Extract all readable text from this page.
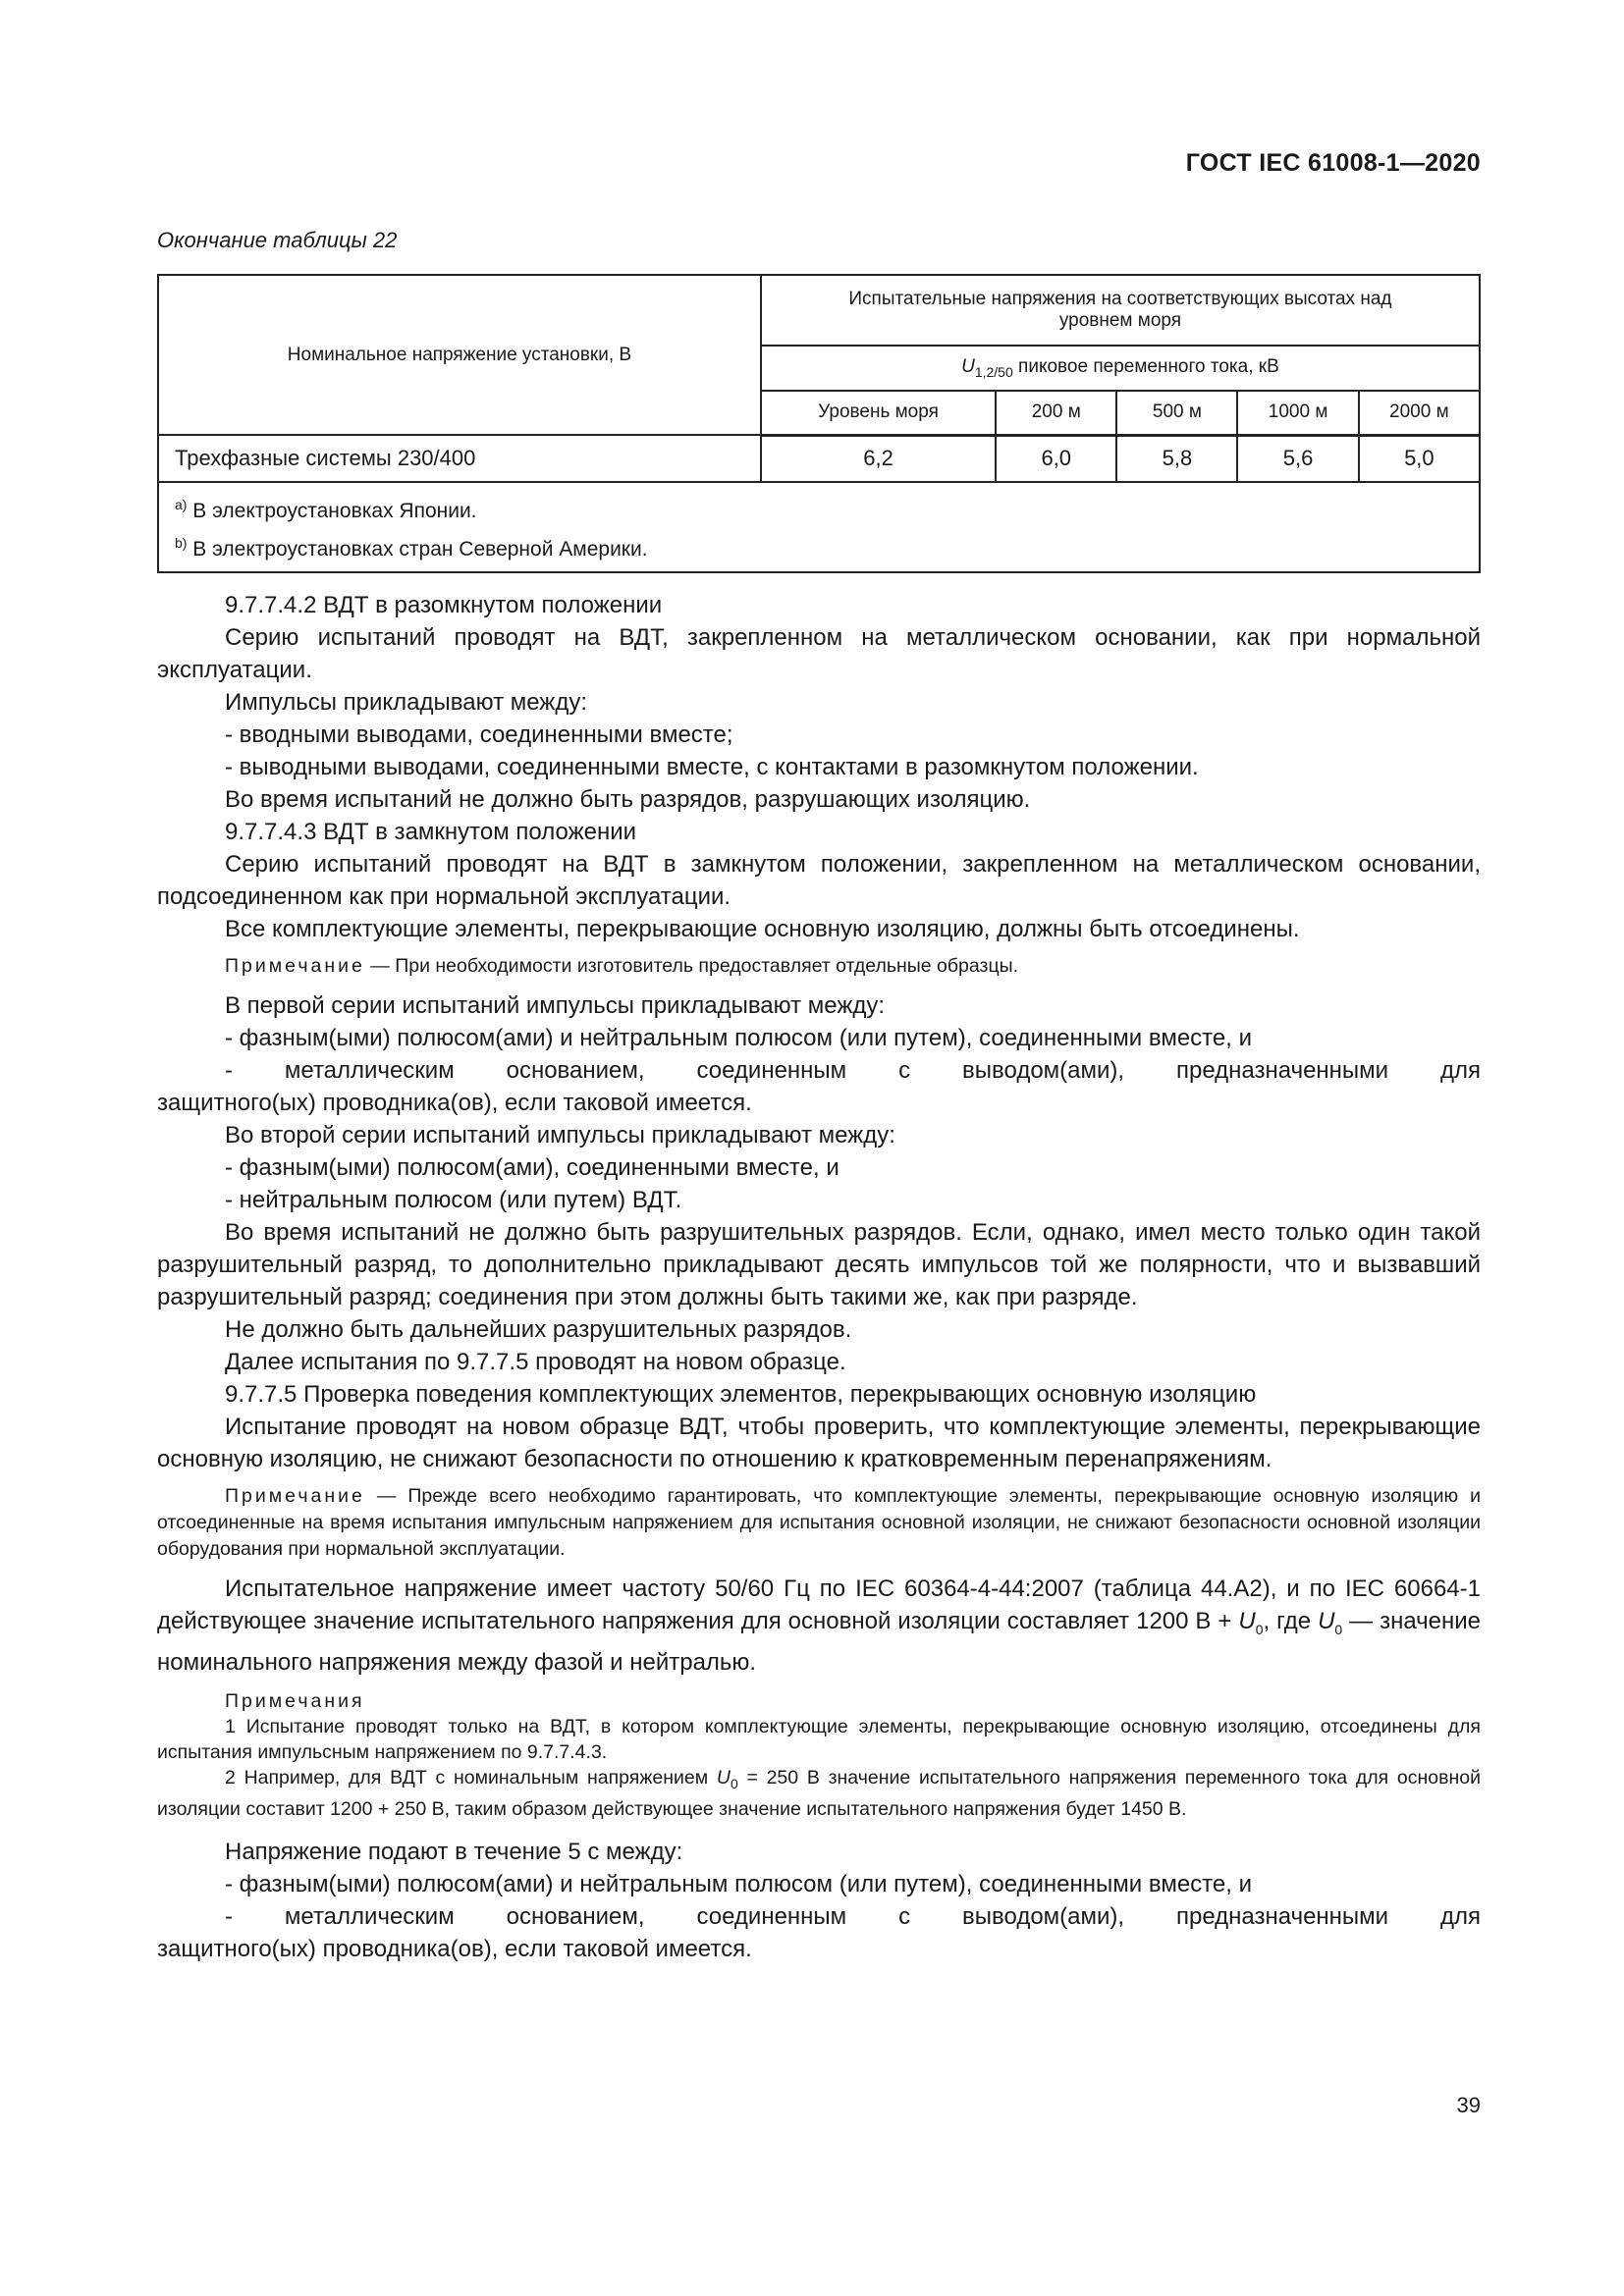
ГОСТ IEC 61008-1—2020
Окончание таблицы 22
Номинальное напряжение установки, В	Испытательные напряжения на соответствующих высотах над уровнем моря				
	$U_{1,2/50}$ пиковое переменного тока, кВ				
	Уровень моря	200 м	500 м	1000 м	2000 м
Трехфазные системы 230/400	6,2	6,0	5,8	5,6	5,0

$^{a)}$ В электроустановках Японии.
$^{b)}$ В электроустановках стран Северной Америки.					

9.7.7.4.2 ВДТ в разомкнутом положении

Серию испытаний проводят на ВДТ, закрепленном на металлическом основании, как при нормальной эксплуатации.

Импульсы прикладывают между:

- вводными выводами, соединенными вместе;

- выводными выводами, соединенными вместе, с контактами в разомкнутом положении.

Во время испытаний не должно быть разрядов, разрушающих изоляцию.

9.7.7.4.3 ВДТ в замкнутом положении

Серию испытаний проводят на ВДТ в замкнутом положении, закрепленном на металлическом основании, подсоединенном как при нормальной эксплуатации.

Все комплектующие элементы, перекрывающие основную изоляцию, должны быть отсоединены.

Примечание — При необходимости изготовитель предоставляет отдельные образцы.

В первой серии испытаний импульсы прикладывают между:

- фазным(ыми) полюсом(ами) и нейтральным полюсом (или путем), соединенными вместе, и

- металлическим основанием, соединенным с выводом(ами), предназначенными для

защитного(ых) проводника(ов), если таковой имеется.

Во второй серии испытаний импульсы прикладывают между:

- фазным(ыми) полюсом(ами), соединенными вместе, и

- нейтральным полюсом (или путем) ВДТ.

Во время испытаний не должно быть разрушительных разрядов. Если, однако, имел место только один такой разрушительный разряд, то дополнительно прикладывают десять импульсов той же полярности, что и вызвавший разрушительный разряд; соединения при этом должны быть такими же, как при разряде.

Не должно быть дальнейших разрушительных разрядов.

Далее испытания по 9.7.7.5 проводят на новом образце.

9.7.7.5 Проверка поведения комплектующих элементов, перекрывающих основную изоляцию

Испытание проводят на новом образце ВДТ, чтобы проверить, что комплектующие элементы, перекрывающие основную изоляцию, не снижают безопасности по отношению к кратковременным перенапряжениям.

Примечание — Прежде всего необходимо гарантировать, что комплектующие элементы, перекрывающие основную изоляцию и отсоединенные на время испытания импульсным напряжением для испытания основной изоляции, не снижают безопасности основной изоляции оборудования при нормальной эксплуатации.

Испытательное напряжение имеет частоту 50/60 Гц по IEC 60364-4-44:2007 (таблица 44.A2), и по IEC 60664-1 действующее значение испытательного напряжения для основной изоляции составляет 1200 $В + U_0$, где $U_0$ — значение номинального напряжения между фазой и нейтралью.

Примечания

1 Испытание проводят только на ВДТ, в котором комплектующие элементы, перекрывающие основную изоляцию, отсоединены для испытания импульсным напряжением по 9.7.7.4.3.

2 Например, для ВДТ с номинальным напряжением $U_0 = 250$ В значение испытательного напряжения переменного тока для основной изоляции составит 1200 + 250 В, таким образом действующее значение испытательного напряжения будет 1450 В.

Напряжение подают в течение 5 с между:

- фазным(ыми) полюсом(ами) и нейтральным полюсом (или путем), соединенными вместе, и

- металлическим основанием, соединенным с выводом(ами), предназначенными для

защитного(ых) проводника(ов), если таковой имеется.

39
